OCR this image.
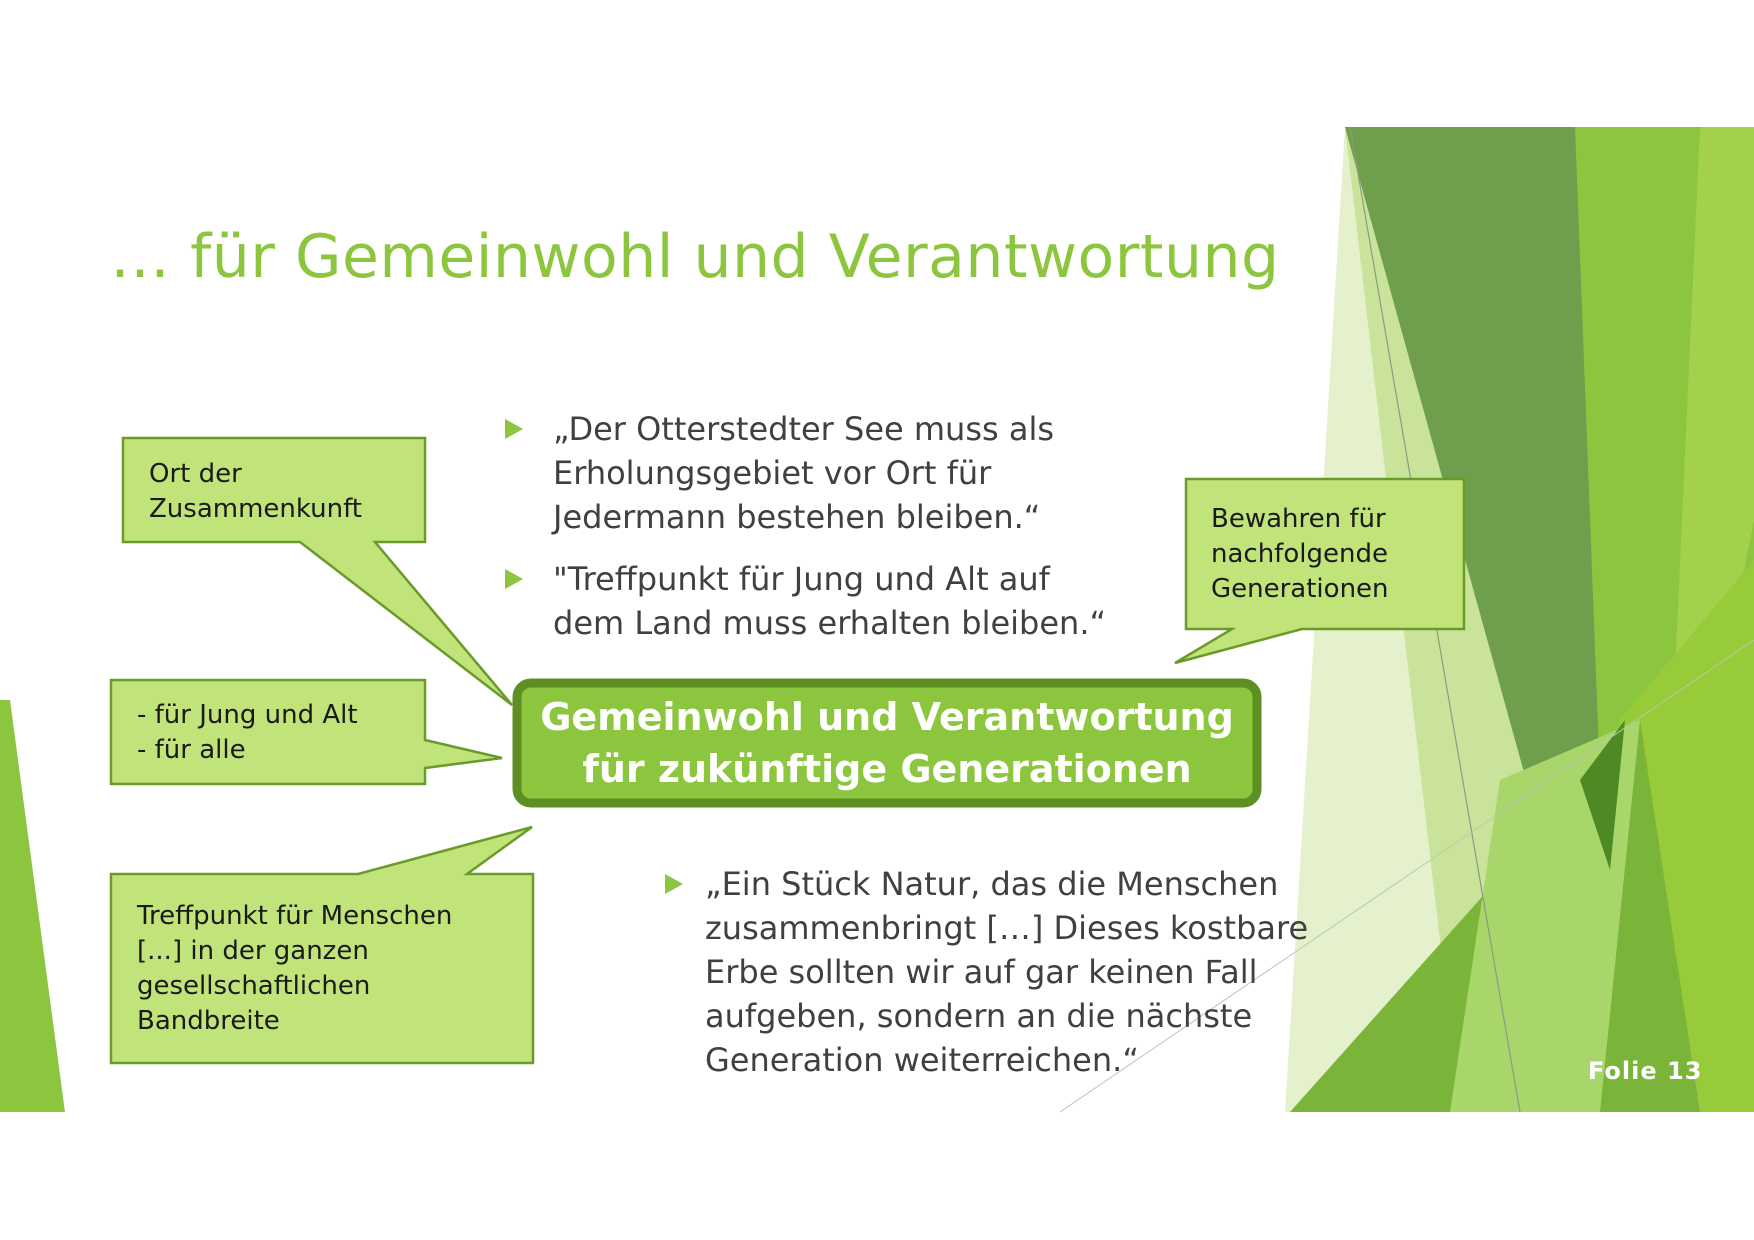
… für Gemeinwohl und Verantwortung
„Der Otterstedter See muss als
Erholungsgebiet vor Ort für
Jedermann bestehen bleiben.“
"Treffpunkt für Jung und Alt auf
dem Land muss erhalten bleiben.“
„Ein Stück Natur, das die Menschen
zusammenbringt […] Dieses kostbare
Erbe sollten wir auf gar keinen Fall
aufgeben, sondern an die nächste
Generation weiterreichen.“
Ort der
Zusammenkunft
- für Jung und Alt
- für alle
Treffpunkt für Menschen
[...] in der ganzen
gesellschaftlichen
Bandbreite
Bewahren für
nachfolgende
Generationen
Gemeinwohl und Verantwortung
für zukünftige Generationen
Folie 13
